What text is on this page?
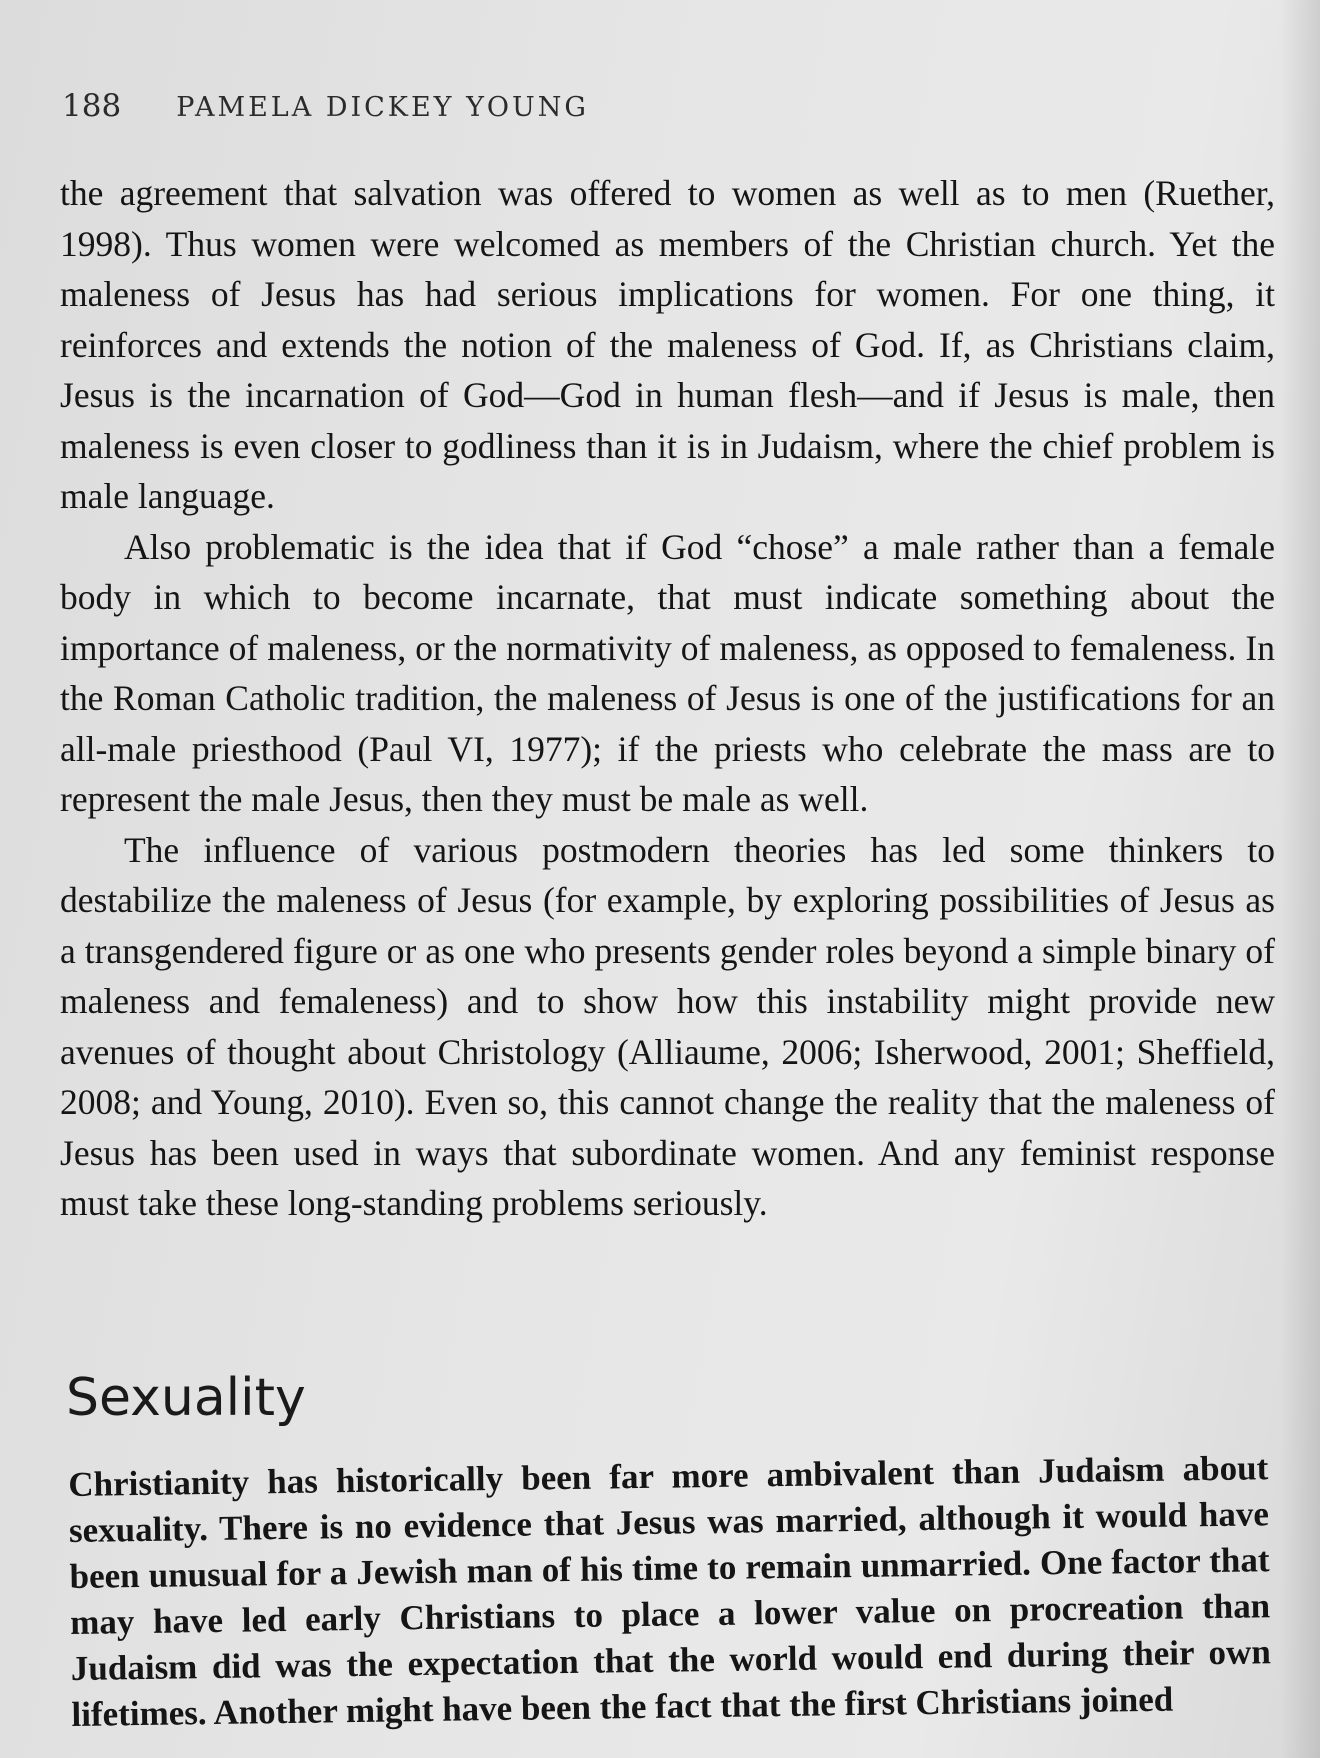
188 PAMELA DICKEY YOUNG

the agreement that salvation was offered to women as well as to men (Ruether, 1998). Thus women were welcomed as members of the Christian church. Yet the maleness of Jesus has had serious implications for women. For one thing, it reinforces and extends the notion of the maleness of God. If, as Christians claim, Jesus is the incarnation of God—God in human flesh—and if Jesus is male, then maleness is even closer to godliness than it is in Judaism, where the chief problem is male language.

Also problematic is the idea that if God “chose” a male rather than a female body in which to become incarnate, that must indicate something about the importance of maleness, or the normativity of maleness, as opposed to femaleness. In the Roman Catholic tradition, the maleness of Jesus is one of the justifications for an all-male priesthood (Paul VI, 1977); if the priests who celebrate the mass are to represent the male Jesus, then they must be male as well.

The influence of various postmodern theories has led some thinkers to destabilize the maleness of Jesus (for example, by exploring possibilities of Jesus as a transgendered figure or as one who presents gender roles beyond a simple binary of maleness and femaleness) and to show how this instability might provide new avenues of thought about Christology (Alliaume, 2006; Isherwood, 2001; Sheffield, 2008; and Young, 2010). Even so, this cannot change the reality that the maleness of Jesus has been used in ways that subordinate women. And any feminist response must take these long-standing problems seriously.

Sexuality

Christianity has historically been far more ambivalent than Judaism about sexuality. There is no evidence that Jesus was married, although it would have been unusual for a Jewish man of his time to remain unmarried. One factor that may have led early Christians to place a lower value on procreation than Judaism did was the expectation that the world would end during their own lifetimes. Another might have been the fact that the first Christians joined
